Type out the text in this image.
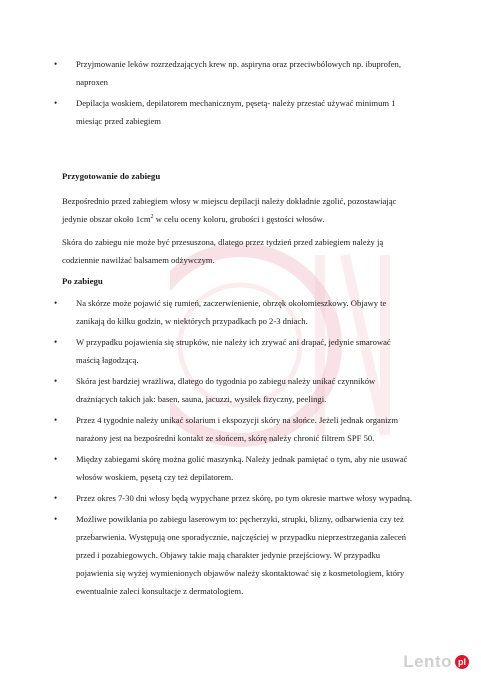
• Przyjmowanie leków rozrzedzających krew np. aspiryna oraz przeciwbólowych np. ibuprofen, naproxen
• Depilacja woskiem, depilatorem mechanicznym, pęsetą- należy przestać używać minimum 1 miesiąc przed zabiegiem
Przygotowanie do zabiegu
Bezpośrednio przed zabiegiem włosy w miejscu depilacji należy dokładnie zgolić, pozostawiając jedynie obszar około $1cm^2$ w celu oceny koloru, grubości i gęstości włosów.
Skóra do zabiegu nie może być przesuszona, dlatego przez tydzień przed zabiegiem należy ją codziennie nawilżać balsamem odżywczym.
Po zabiegu
• Na skórze może pojawić się rumień, zaczerwienienie, obrzęk okołomieszkowy. Objawy te zanikają do kilku godzin, w niektórych przypadkach po 2-3 dniach.
• W przypadku pojawienia się strupków, nie należy ich zrywać ani drapać, jedynie smarować maścią łagodzącą.
• Skóra jest bardziej wrażliwa, dlatego do tygodnia po zabiegu należy unikać czynników drażniących takich jak: basen, sauna, jacuzzi, wysiłek fizyczny, peelingi.
• Przez 4 tygodnie należy unikać solarium i ekspozycji skóry na słońce. Jeżeli jednak organizm narażony jest na bezpośredni kontakt ze słońcem, skórę należy chronić filtrem SPF 50.
• Między zabiegami skórę można golić maszynką. Należy jednak pamiętać o tym, aby nie usuwać włosów woskiem, pęsetą czy też depilatorem.
• Przez okres 7-30 dni włosy będą wypychane przez skórę, po tym okresie martwe włosy wypadną.
• Możliwe powikłania po zabiegu laserowym to: pęcherzyki, strupki, blizny, odbarwienia czy też przebarwienia. Występują one sporadycznie, najczęściej w przypadku nieprzestrzegania zaleceń przed i pozabiegowych. Objawy takie mają charakter jedynie przejściowy. W przypadku pojawienia się wyżej wymienionych objawów należy skontaktować się z kosmetologiem, który ewentualnie zaleci konsultacje z dermatologiem.
Lento pl
